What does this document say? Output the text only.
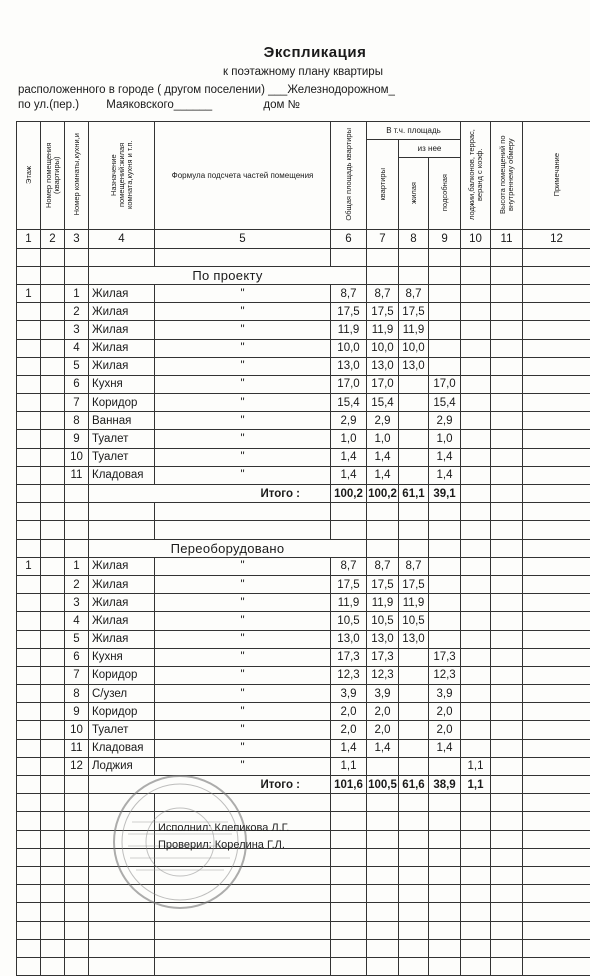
Экспликация
к поэтажному плану квартиры
расположенного в городе ( другом поселении) ___Железнодорожном_
по ул.(пер.) Маяковского______	дом №
Этаж	Номер помещения (квартиры)	Номер комнаты,кухни,и	Назначение помещений:жилая комната,кухня и т.п.	Формула подсчета частей помещения	Общая площадь квартиры	В т.ч. площадь			лоджии,балконов, террас, веранд с коэф.	Высота помещений по внутреннему обмеру	Примечание
						квартиры	из нее				
							жилая	подсобная			
1	2	3	4	5	6	7	8	9	10	11	12

			По проекту								
1		1	Жилая	"	8,7	8,7	8,7				
		2	Жилая	"	17,5	17,5	17,5				
		3	Жилая	"	11,9	11,9	11,9				
		4	Жилая	"	10,0	10,0	10,0				
		5	Жилая	"	13,0	13,0	13,0				
		6	Кухня	"	17,0	17,0		17,0			
		7	Коридор	"	15,4	15,4		15,4			
		8	Ванная	"	2,9	2,9		2,9			
		9	Туалет	"	1,0	1,0		1,0			
		10	Туалет	"	1,4	1,4		1,4			
		11	Кладовая	"	1,4	1,4		1,4			
			Итого :		100,2	100,2	61,1	39,1			

			Переоборудовано								
1		1	Жилая	"	8,7	8,7	8,7				
		2	Жилая	"	17,5	17,5	17,5				
		3	Жилая	"	11,9	11,9	11,9				
		4	Жилая	"	10,5	10,5	10,5				
		5	Жилая	"	13,0	13,0	13,0				
		6	Кухня	"	17,3	17,3		17,3			
		7	Коридор	"	12,3	12,3		12,3			
		8	С/узел	"	3,9	3,9		3,9			
		9	Коридор	"	2,0	2,0		2,0			
		10	Туалет	"	2,0	2,0		2,0			
		11	Кладовая	"	1,4	1,4		1,4			
		12	Лоджия	"	1,1				1,1		
			Итого :		101,6	100,5	61,6	38,9	1,1		

Исполнил: Клепикова Л.Г.
Проверил: Корелина Г.Л.
